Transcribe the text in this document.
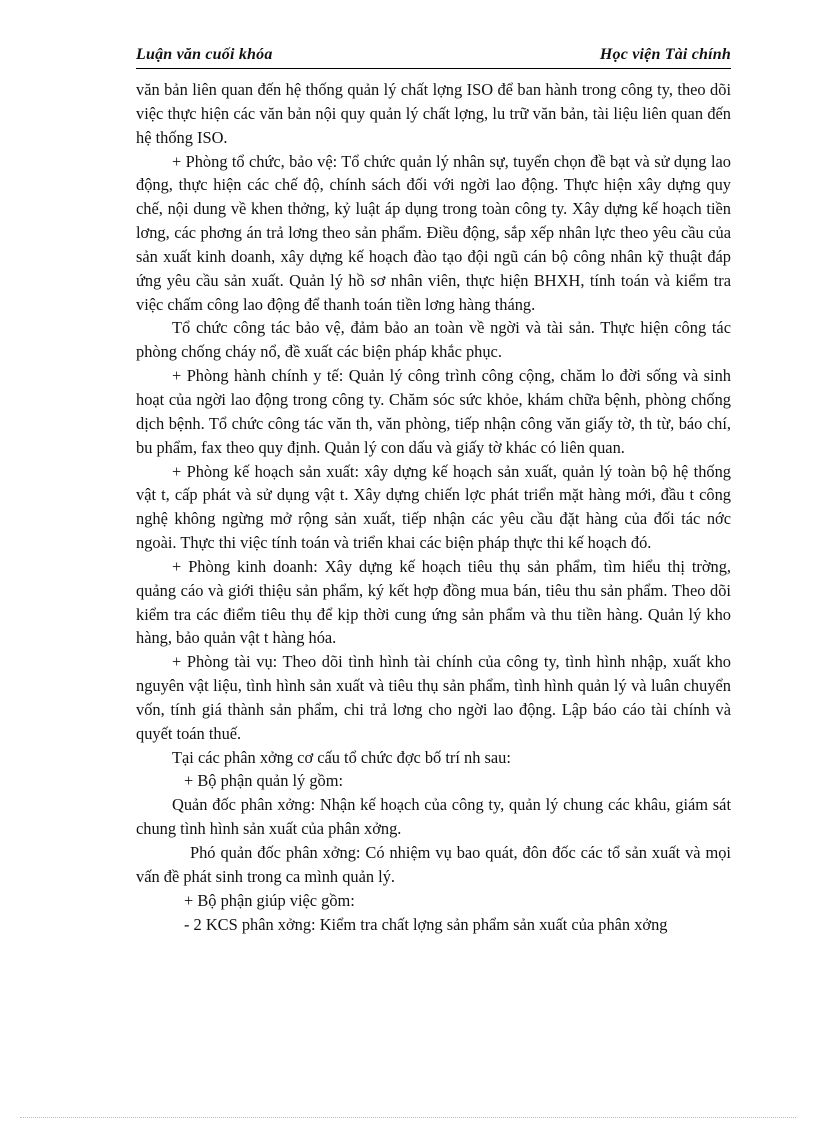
Luận văn cuối khóa	Học viện Tài chính

văn bản liên quan đến hệ thống quản lý chất lợng ISO để ban hành trong công ty, theo dõi việc thực hiện các văn bản nội quy quản lý chất lợng, lu trữ văn bản, tài liệu liên quan đến hệ thống ISO.

+ Phòng tổ chức, bảo vệ: Tổ chức quản lý nhân sự, tuyển chọn đề bạt và sử dụng lao động, thực hiện các chế độ, chính sách đối với ngời lao động. Thực hiện xây dựng quy chế, nội dung về khen thởng, kỷ luật áp dụng trong toàn công ty. Xây dựng kế hoạch tiền lơng, các phơng án trả lơng theo sản phẩm. Điều động, sắp xếp nhân lực theo yêu cầu của sản xuất kinh doanh, xây dựng kế hoạch đào tạo đội ngũ cán bộ công nhân kỹ thuật đáp ứng yêu cầu sản xuất. Quản lý hồ sơ nhân viên, thực hiện BHXH, tính toán và kiểm tra việc chấm công lao động để thanh toán tiền lơng hàng tháng.

Tổ chức công tác bảo vệ, đảm bảo an toàn về ngời và tài sản. Thực hiện công tác phòng chống cháy nổ, đề xuất các biện pháp khắc phục.

+ Phòng hành chính y tế: Quản lý công trình công cộng, chăm lo đời sống và sinh hoạt của ngời lao động trong công ty. Chăm sóc sức khỏe, khám chữa bệnh, phòng chống dịch bệnh. Tổ chức công tác văn th, văn phòng, tiếp nhận công văn giấy tờ, th từ, báo chí, bu phẩm, fax theo quy định. Quản lý con dấu và giấy tờ khác có liên quan.

+ Phòng kế hoạch sản xuất: xây dựng kế hoạch sản xuất, quản lý toàn bộ hệ thống vật t, cấp phát và sử dụng vật t. Xây dựng chiến lợc phát triển mặt hàng mới, đầu t công nghệ không ngừng mở rộng sản xuất, tiếp nhận các yêu cầu đặt hàng của đối tác nớc ngoài. Thực thi việc tính toán và triển khai các biện pháp thực thi kế hoạch đó.

+ Phòng kinh doanh: Xây dựng kế hoạch tiêu thụ sản phẩm, tìm hiểu thị trờng, quảng cáo và giới thiệu sản phẩm, ký kết hợp đồng mua bán, tiêu thu sản phẩm. Theo dõi kiểm tra các điểm tiêu thụ để kịp thời cung ứng sản phẩm và thu tiền hàng. Quản lý kho hàng, bảo quản vật t hàng hóa.

+ Phòng tài vụ: Theo dõi tình hình tài chính của công ty, tình hình nhập, xuất kho nguyên vật liệu, tình hình sản xuất và tiêu thụ sản phẩm, tình hình quản lý và luân chuyển vốn, tính giá thành sản phẩm, chi trả lơng cho ngời lao động. Lập báo cáo tài chính và quyết toán thuế.

Tại các phân xởng cơ cấu tổ chức đợc bố trí nh sau:

+ Bộ phận quản lý gồm:

Quản đốc phân xởng: Nhận kế hoạch của công ty, quản lý chung các khâu, giám sát chung tình hình sản xuất của phân xởng.

Phó quản đốc phân xởng: Có nhiệm vụ bao quát, đôn đốc các tổ sản xuất và mọi vấn đề phát sinh trong ca mình quản lý.

+ Bộ phận giúp việc gồm:

- 2 KCS phân xởng: Kiểm tra chất lợng sản phẩm sản xuất của phân xởng
